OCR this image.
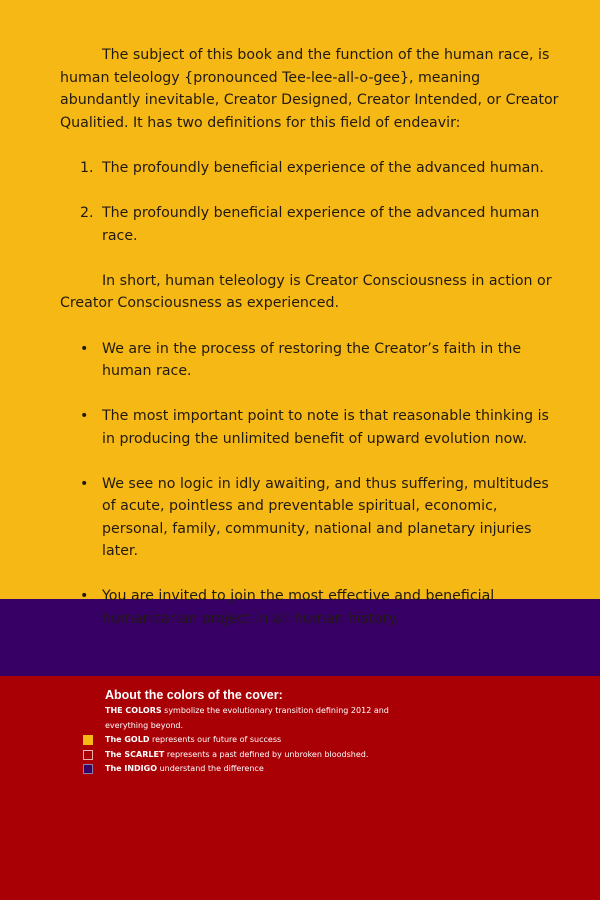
The subject of this book and the function of the human race, is human teleology {pronounced Tee-lee-all-o-gee}, meaning abundantly inevitable, Creator Designed, Creator Intended, or Creator Qualitied. It has two definitions for this field of endeavir:

1. The profoundly beneficial experience of the advanced human.
2. The profoundly beneficial experience of the advanced human race.

In short, human teleology is Creator Consciousness in action or Creator Consciousness as experienced.

• We are in the process of restoring the Creator’s faith in the human race.
• The most important point to note is that reasonable thinking is in producing the unlimited benefit of upward evolution now.
• We see no logic in idly awaiting, and thus suffering, multitudes of acute, pointless and preventable spiritual, economic, personal, family, community, national and planetary injuries later.
• You are invited to join the most effective and beneficial humanitarian project in all human history.
About the colors of the cover:
THE COLORS symbolize the evolutionary transition defining 2012 and everything beyond.
The GOLD represents our future of success
The SCARLET represents a past defined by unbroken bloodshed.
The INDIGO understand the difference
